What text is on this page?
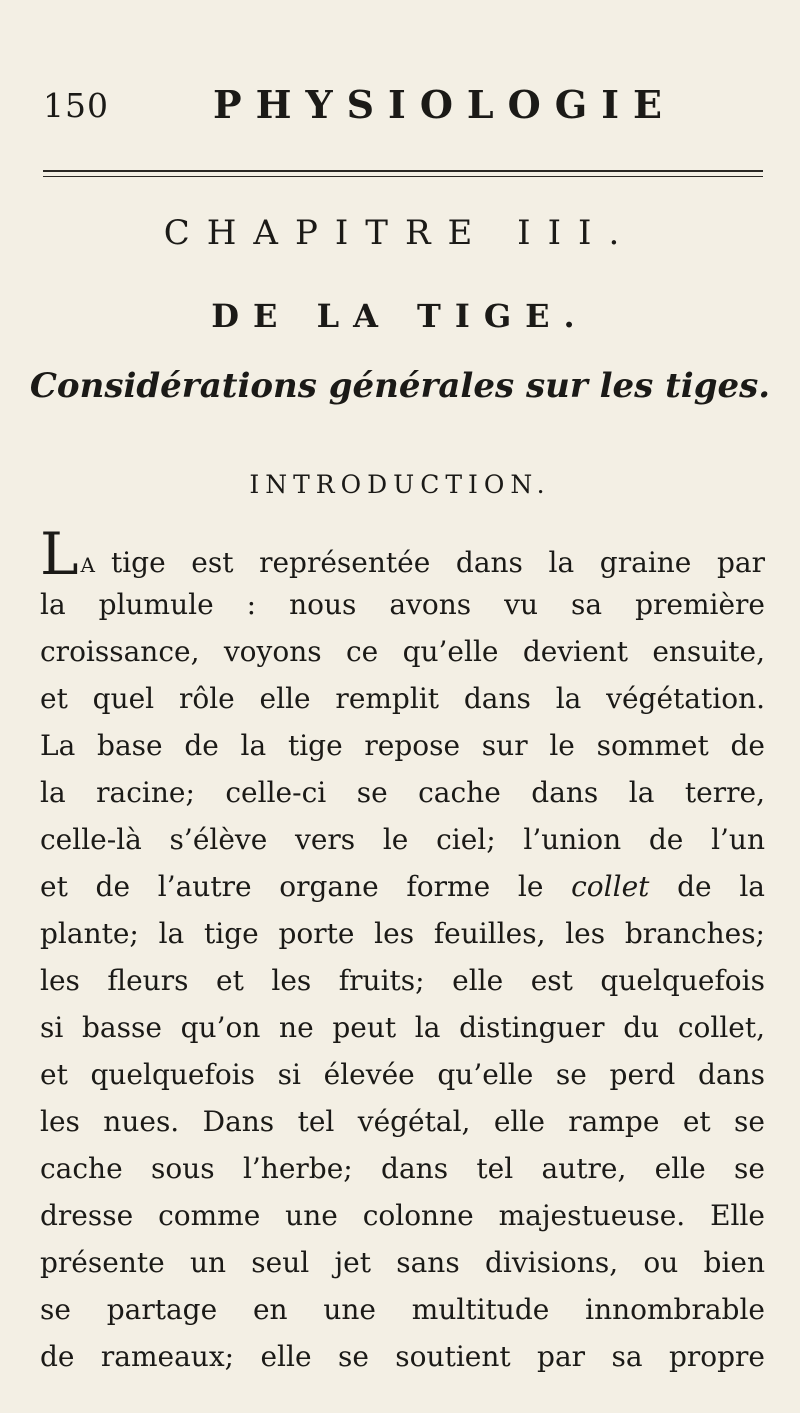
150	PHYSIOLOGIE
CHAPITRE III.
DE LA TIGE.
Considérations générales sur les tiges.
INTRODUCTION.
L A tige est représentée dans la graine par
la plumule : nous avons vu sa première
croissance, voyons ce qu’elle devient ensuite,
et quel rôle elle remplit dans la végétation.
La base de la tige repose sur le sommet de
la racine; celle-ci se cache dans la terre,
celle-là s’élève vers le ciel; l’union de l’un
et de l’autre organe forme le collet de la
plante; la tige porte les feuilles, les branches;
les fleurs et les fruits; elle est quelquefois
si basse qu’on ne peut la distinguer du collet,
et quelquefois si élevée qu’elle se perd dans
les nues. Dans tel végétal, elle rampe et se
cache sous l’herbe; dans tel autre, elle se
dresse comme une colonne majestueuse. Elle
présente un seul jet sans divisions, ou bien
se partage en une multitude innombrable
de rameaux; elle se soutient par sa propre
